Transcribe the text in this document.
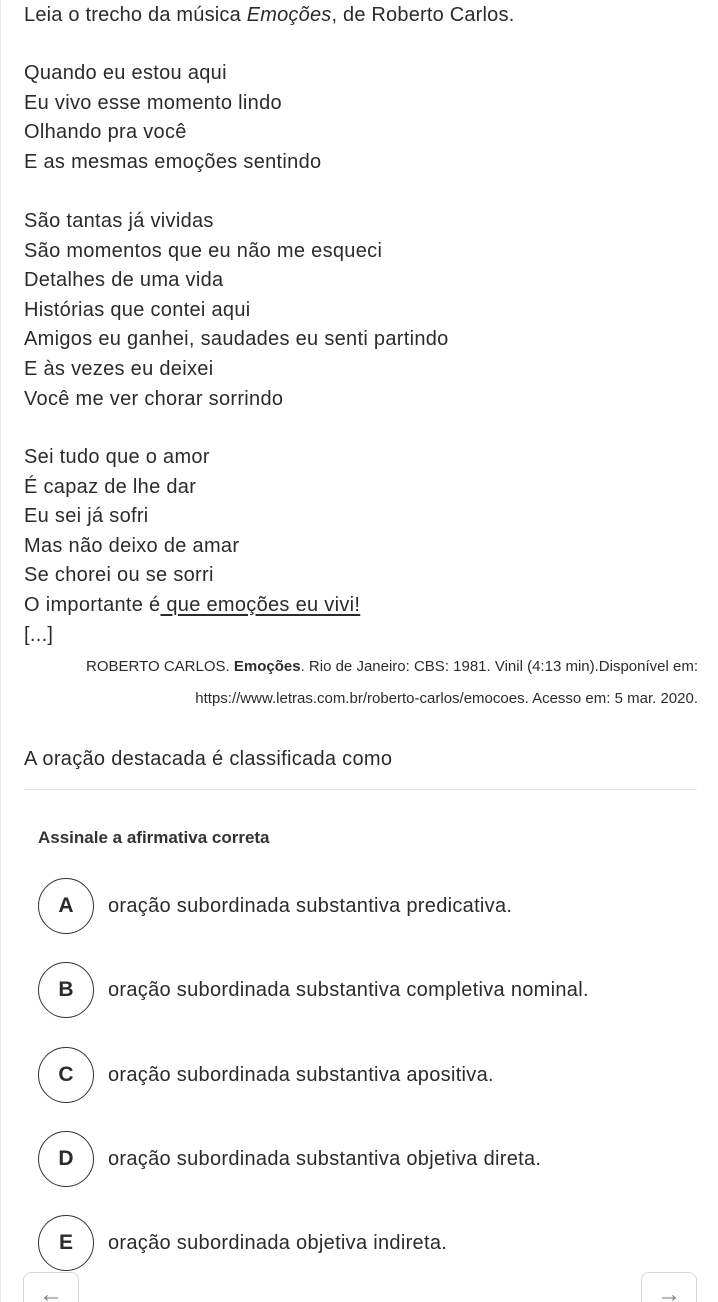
Leia o trecho da música Emoções, de Roberto Carlos.

Quando eu estou aqui
Eu vivo esse momento lindo
Olhando pra você
E as mesmas emoções sentindo
São tantas já vividas
São momentos que eu não me esqueci
Detalhes de uma vida
Histórias que contei aqui
Amigos eu ganhei, saudades eu senti partindo
E às vezes eu deixei
Você me ver chorar sorrindo
Sei tudo que o amor
É capaz de lhe dar
Eu sei já sofri
Mas não deixo de amar
Se chorei ou se sorri
O importante é que emoções eu vivi!
[...]
ROBERTO CARLOS. Emoções. Rio de Janeiro: CBS: 1981. Vinil (4:13 min).Disponível em:
https://www.letras.com.br/roberto-carlos/emocoes. Acesso em: 5 mar. 2020.

A oração destacada é classificada como

Assinale a afirmativa correta
A	oração subordinada substantiva predicativa.
B	oração subordinada substantiva completiva nominal.
C	oração subordinada substantiva apositiva.
D	oração subordinada substantiva objetiva direta.
E	oração subordinada objetiva indireta.
←	→
